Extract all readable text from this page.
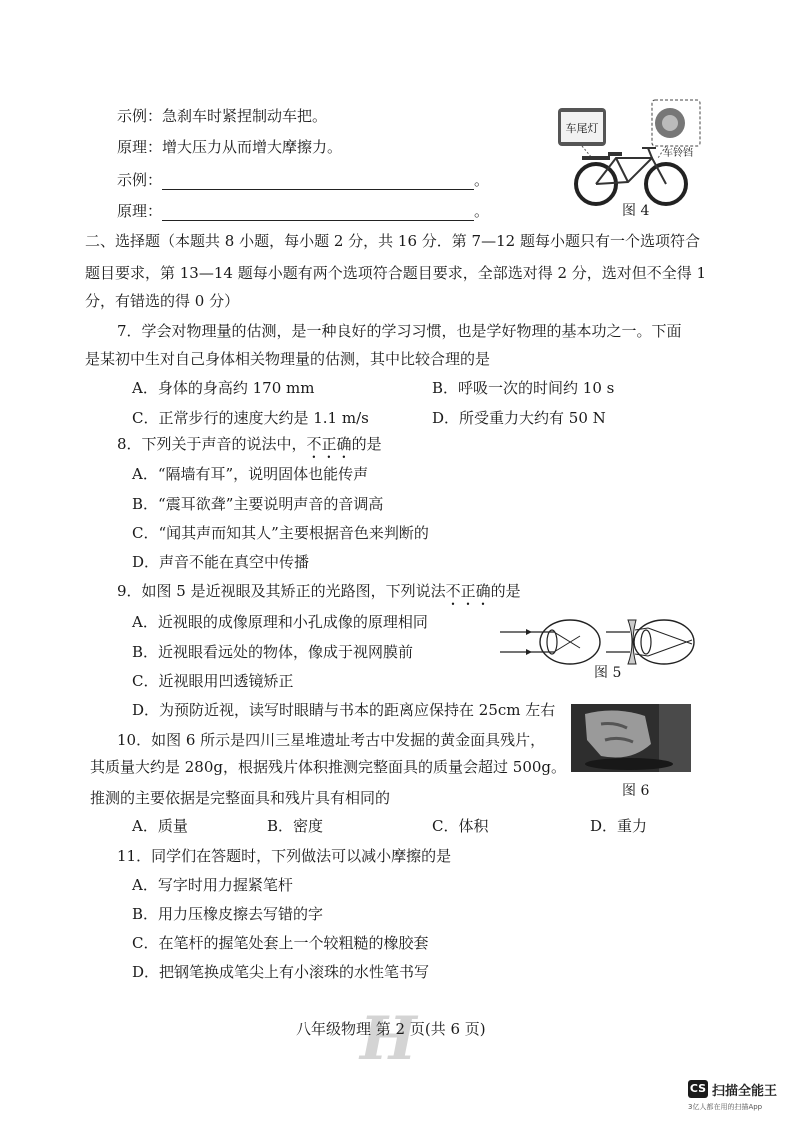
示例：急刹车时紧捏制动车把。
原理：增大压力从而增大摩擦力。
示例：	。
原理：	。
车尾灯
车铃铛
图 4
二、选择题（本题共 8 小题，每小题 2 分，共 16 分．第 7—12 题每小题只有一个选项符合
题目要求，第 13—14 题每小题有两个选项符合题目要求，全部选对得 2 分，选对但不全得 1
分，有错选的得 0 分）
7．学会对物理量的估测，是一种良好的学习习惯，也是学好物理的基本功之一。下面
是某初中生对自己身体相关物理量的估测，其中比较合理的是
A．身体的身高约 170 mm	B．呼吸一次的时间约 10 s
C．正常步行的速度大约是 1.1 m/s	D．所受重力大约有 50 N
8．下列关于声音的说法中，不正确的是
A．“隔墙有耳”，说明固体也能传声
B．“震耳欲聋”主要说明声音的音调高
C．“闻其声而知其人”主要根据音色来判断的
D．声音不能在真空中传播
9．如图 5 是近视眼及其矫正的光路图，下列说法不正确的是
A．近视眼的成像原理和小孔成像的原理相同
B．近视眼看远处的物体，像成于视网膜前
C．近视眼用凹透镜矫正
D．为预防近视，读写时眼睛与书本的距离应保持在 25cm 左右
图 5
图 6
10．如图 6 所示是四川三星堆遗址考古中发掘的黄金面具残片，
其质量大约是 280g，根据残片体积推测完整面具的质量会超过 500g。
推测的主要依据是完整面具和残片具有相同的
A．质量	B．密度	C．体积	D．重力
11．同学们在答题时，下列做法可以减小摩擦的是
A．写字时用力握紧笔杆
B．用力压橡皮擦去写错的字
C．在笔杆的握笔处套上一个较粗糙的橡胶套
D．把钢笔换成笔尖上有小滚珠的水性笔书写
H
八年级物理 第 2 页(共 6 页)
CS 扫描全能王
3亿人都在用的扫描App
